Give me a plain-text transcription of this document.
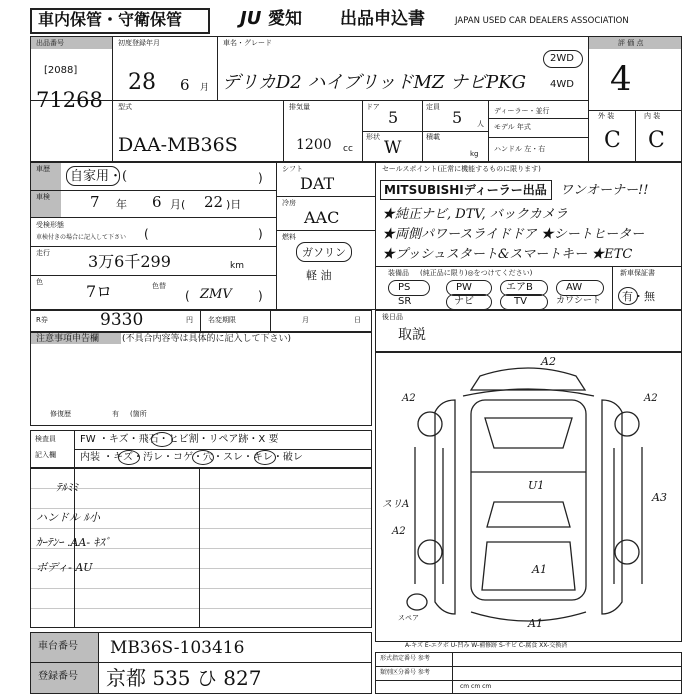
車内保管・守衛保管	JU 愛知 出品申込書	JAPAN USED CAR DEALERS ASSOCIATION
出品番号
[2088]
71268
初度登録年月
28 6 月
車名・グレード
デリカD2 ハイブリッドMZ ナビPKG
2WD
4WD
評 価 点
4
型式
DAA-MB36S
排気量
1200 cc
ドア
5
定員
5 人
形状
W
積載
kg
ディーラー・並行
モデル 年式
ハンドル 左・右
外 装	内 装
C C
車歴 自家用・(	)
車検	7 年 6 月( 22 )日
受検形態
車検付きの場合に記入して下さい (	)
走行 3万6千299	km
色	7ロ	色替
ZMV
(	)
シフト
DAT
冷房
AAC
燃料
ガソリン
軽 油
セールスポイント(正常に機能するものに限ります)
MITSUBISHIディーラー出品 ワンオーナー!!
★純正ナビ, DTV, バックカメラ
★両側パワースライドドア ★シートヒーター
★プッシュスタート&スマートキー ★ETC
装備品 (純正品に限り)◎をつけてください)	新車保証書
有・無
PS	PW	エアB	AW
SR	ナビ	TV	カワシート
R券	9330	円 名変期限	月	日	後日品
取説
注意事項申告欄	(不具合内容等は具体的に記入して下さい)
修復歴	有 (箇所
検査員
記入欄
FW ・キズ・飛石・ヒビ割・リペア跡・X 要
内装 ・キズ・汚レ・コゲ・穴・スレ・キレ・破レ
ﾃﾙﾐﾐ
ハンドル ﾙ小
ｶｰﾃﾝｰ .AA- ｷｽﾞ
ボディ- AU
A2
A2	A2
A3
スリA
A2
U1
A1
A1
スペア
A-キズ E-エクボ U-凹み W-補修跡 S-サビ C-腐食 XX-交換済
形式指定番号 参考
類別区分番号 参考
cm cm cm
車台番号 MB36S-103416
登録番号 京都 535 ひ 827
